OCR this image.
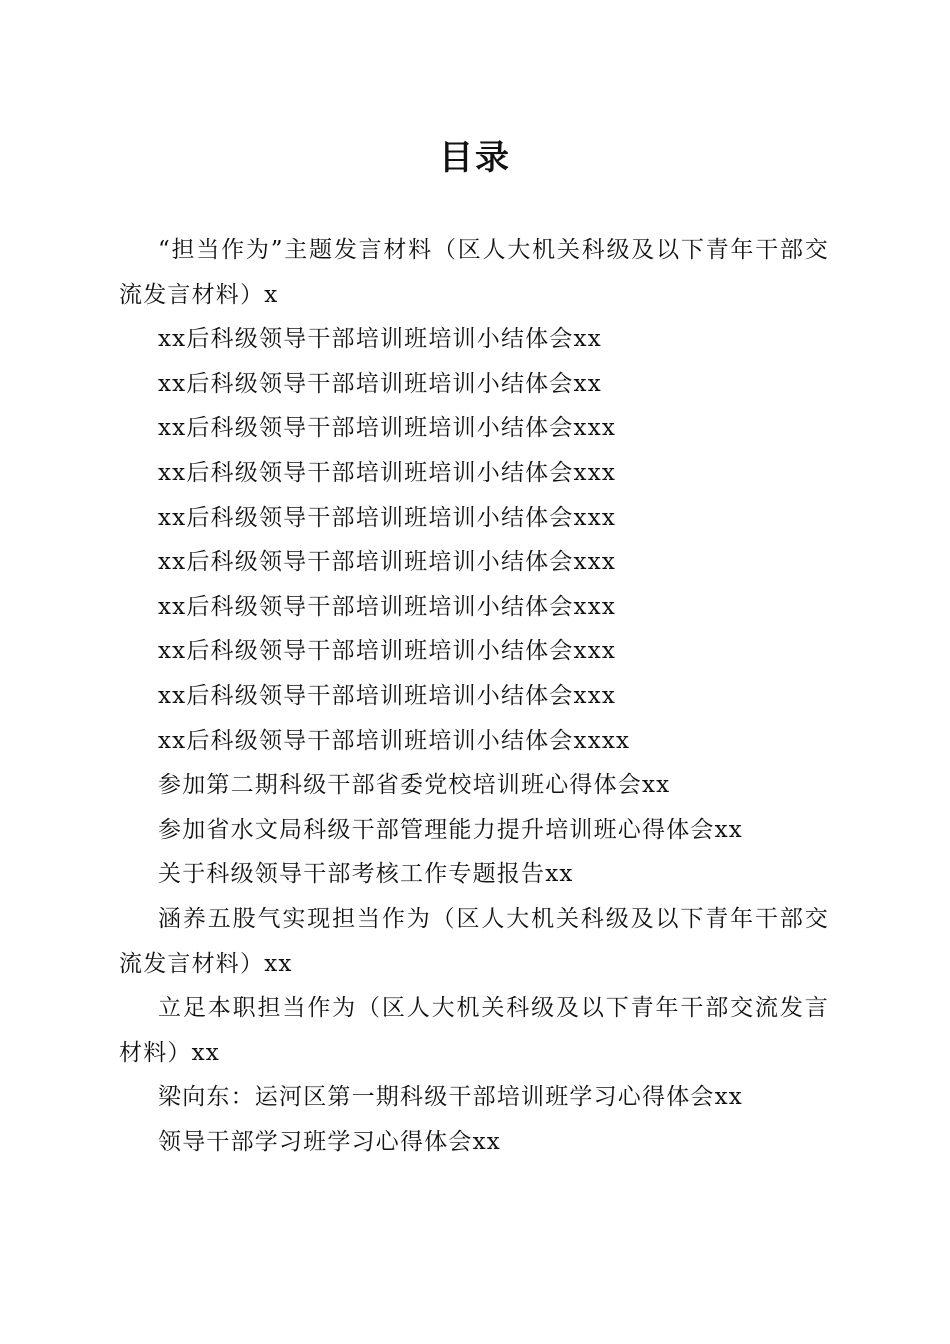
目录
“担当作为”主题发言材料（区人大机关科级及以下青年干部交流发言材料）x
xx后科级领导干部培训班培训小结体会xx
xx后科级领导干部培训班培训小结体会xx
xx后科级领导干部培训班培训小结体会xxx
xx后科级领导干部培训班培训小结体会xxx
xx后科级领导干部培训班培训小结体会xxx
xx后科级领导干部培训班培训小结体会xxx
xx后科级领导干部培训班培训小结体会xxx
xx后科级领导干部培训班培训小结体会xxx
xx后科级领导干部培训班培训小结体会xxx
xx后科级领导干部培训班培训小结体会xxxx
参加第二期科级干部省委党校培训班心得体会xx
参加省水文局科级干部管理能力提升培训班心得体会xx
关于科级领导干部考核工作专题报告xx
涵养五股气实现担当作为（区人大机关科级及以下青年干部交流发言材料）xx
立足本职担当作为（区人大机关科级及以下青年干部交流发言材料）xx
梁向东：运河区第一期科级干部培训班学习心得体会xx
领导干部学习班学习心得体会xx
